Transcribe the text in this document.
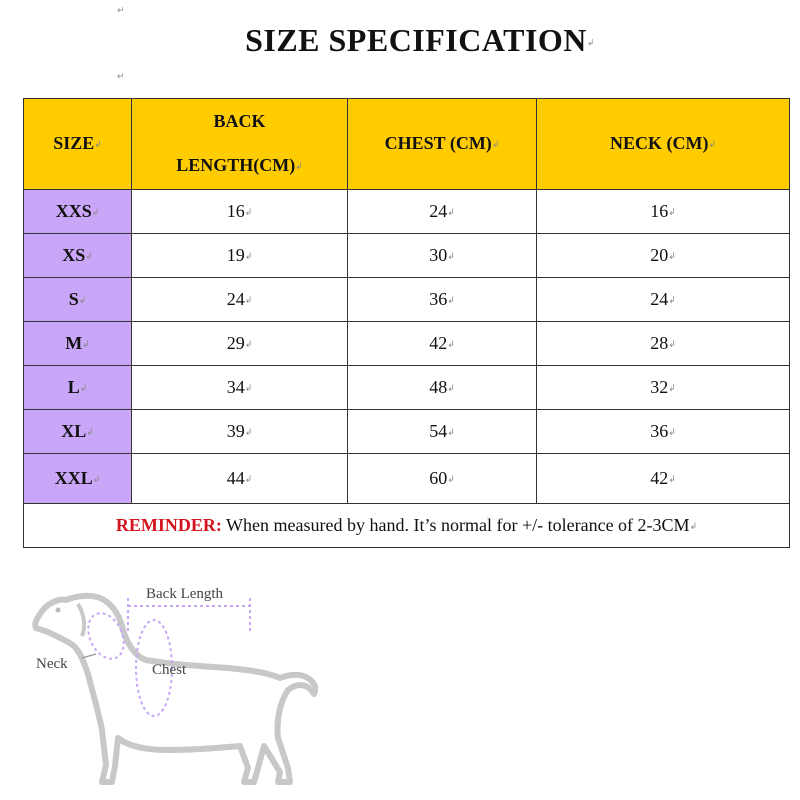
↵
↵
SIZE SPECIFICATION↲
SIZE↲	BACK
LENGTH(CM)↲	CHEST (CM)↲	NECK (CM)↲
XXS↲	16↲	24↲	16↲
XS↲	19↲	30↲	20↲
S↲	24↲	36↲	24↲
M↲	29↲	42↲	28↲
L↲	34↲	48↲	32↲
XL↲	39↲	54↲	36↲
XXL↲	44↲	60↲	42↲
REMINDER: When measured by hand. It’s normal for +/- tolerance of 2-3CM↲			
Back Length
Neck	Chest
